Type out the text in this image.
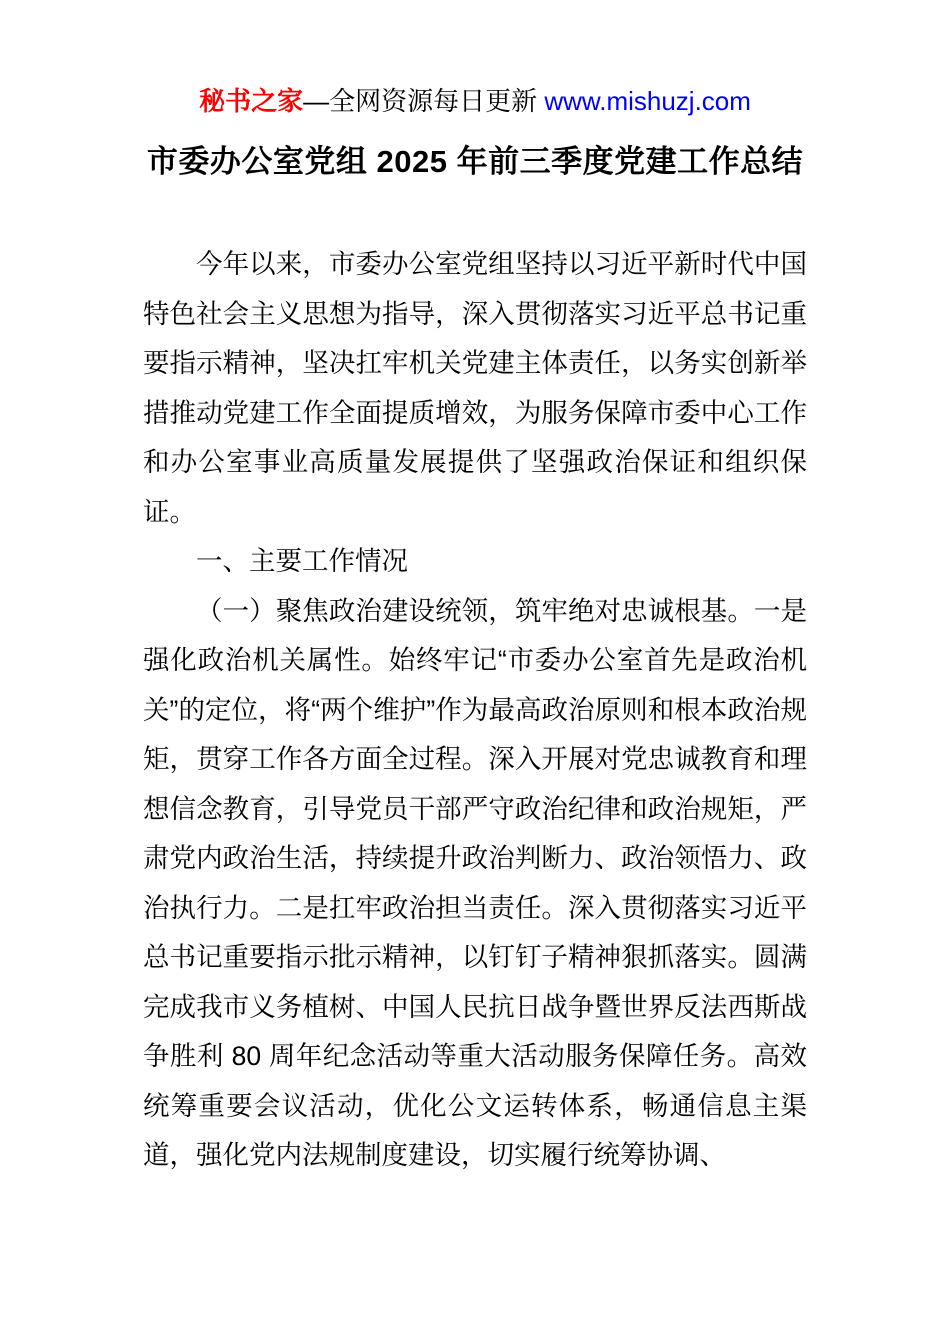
秘书之家—全网资源每日更新 www.mishuzj.com
市委办公室党组 2025 年前三季度党建工作总结

今年以来，市委办公室党组坚持以习近平新时代中国特色社会主义思想为指导，深入贯彻落实习近平总书记重要指示精神，坚决扛牢机关党建主体责任，以务实创新举措推动党建工作全面提质增效，为服务保障市委中心工作和办公室事业高质量发展提供了坚强政治保证和组织保证。

一、主要工作情况

（一）聚焦政治建设统领，筑牢绝对忠诚根基。一是强化政治机关属性。始终牢记“市委办公室首先是政治机关”的定位，将“两个维护”作为最高政治原则和根本政治规矩，贯穿工作各方面全过程。深入开展对党忠诚教育和理想信念教育，引导党员干部严守政治纪律和政治规矩，严肃党内政治生活，持续提升政治判断力、政治领悟力、政治执行力。二是扛牢政治担当责任。深入贯彻落实习近平总书记重要指示批示精神，以钉钉子精神狠抓落实。圆满完成我市义务植树、中国人民抗日战争暨世界反法西斯战争胜利 80 周年纪念活动等重大活动服务保障任务。高效统筹重要会议活动，优化公文运转体系，畅通信息主渠道，强化党内法规制度建设，切实履行统筹协调、
